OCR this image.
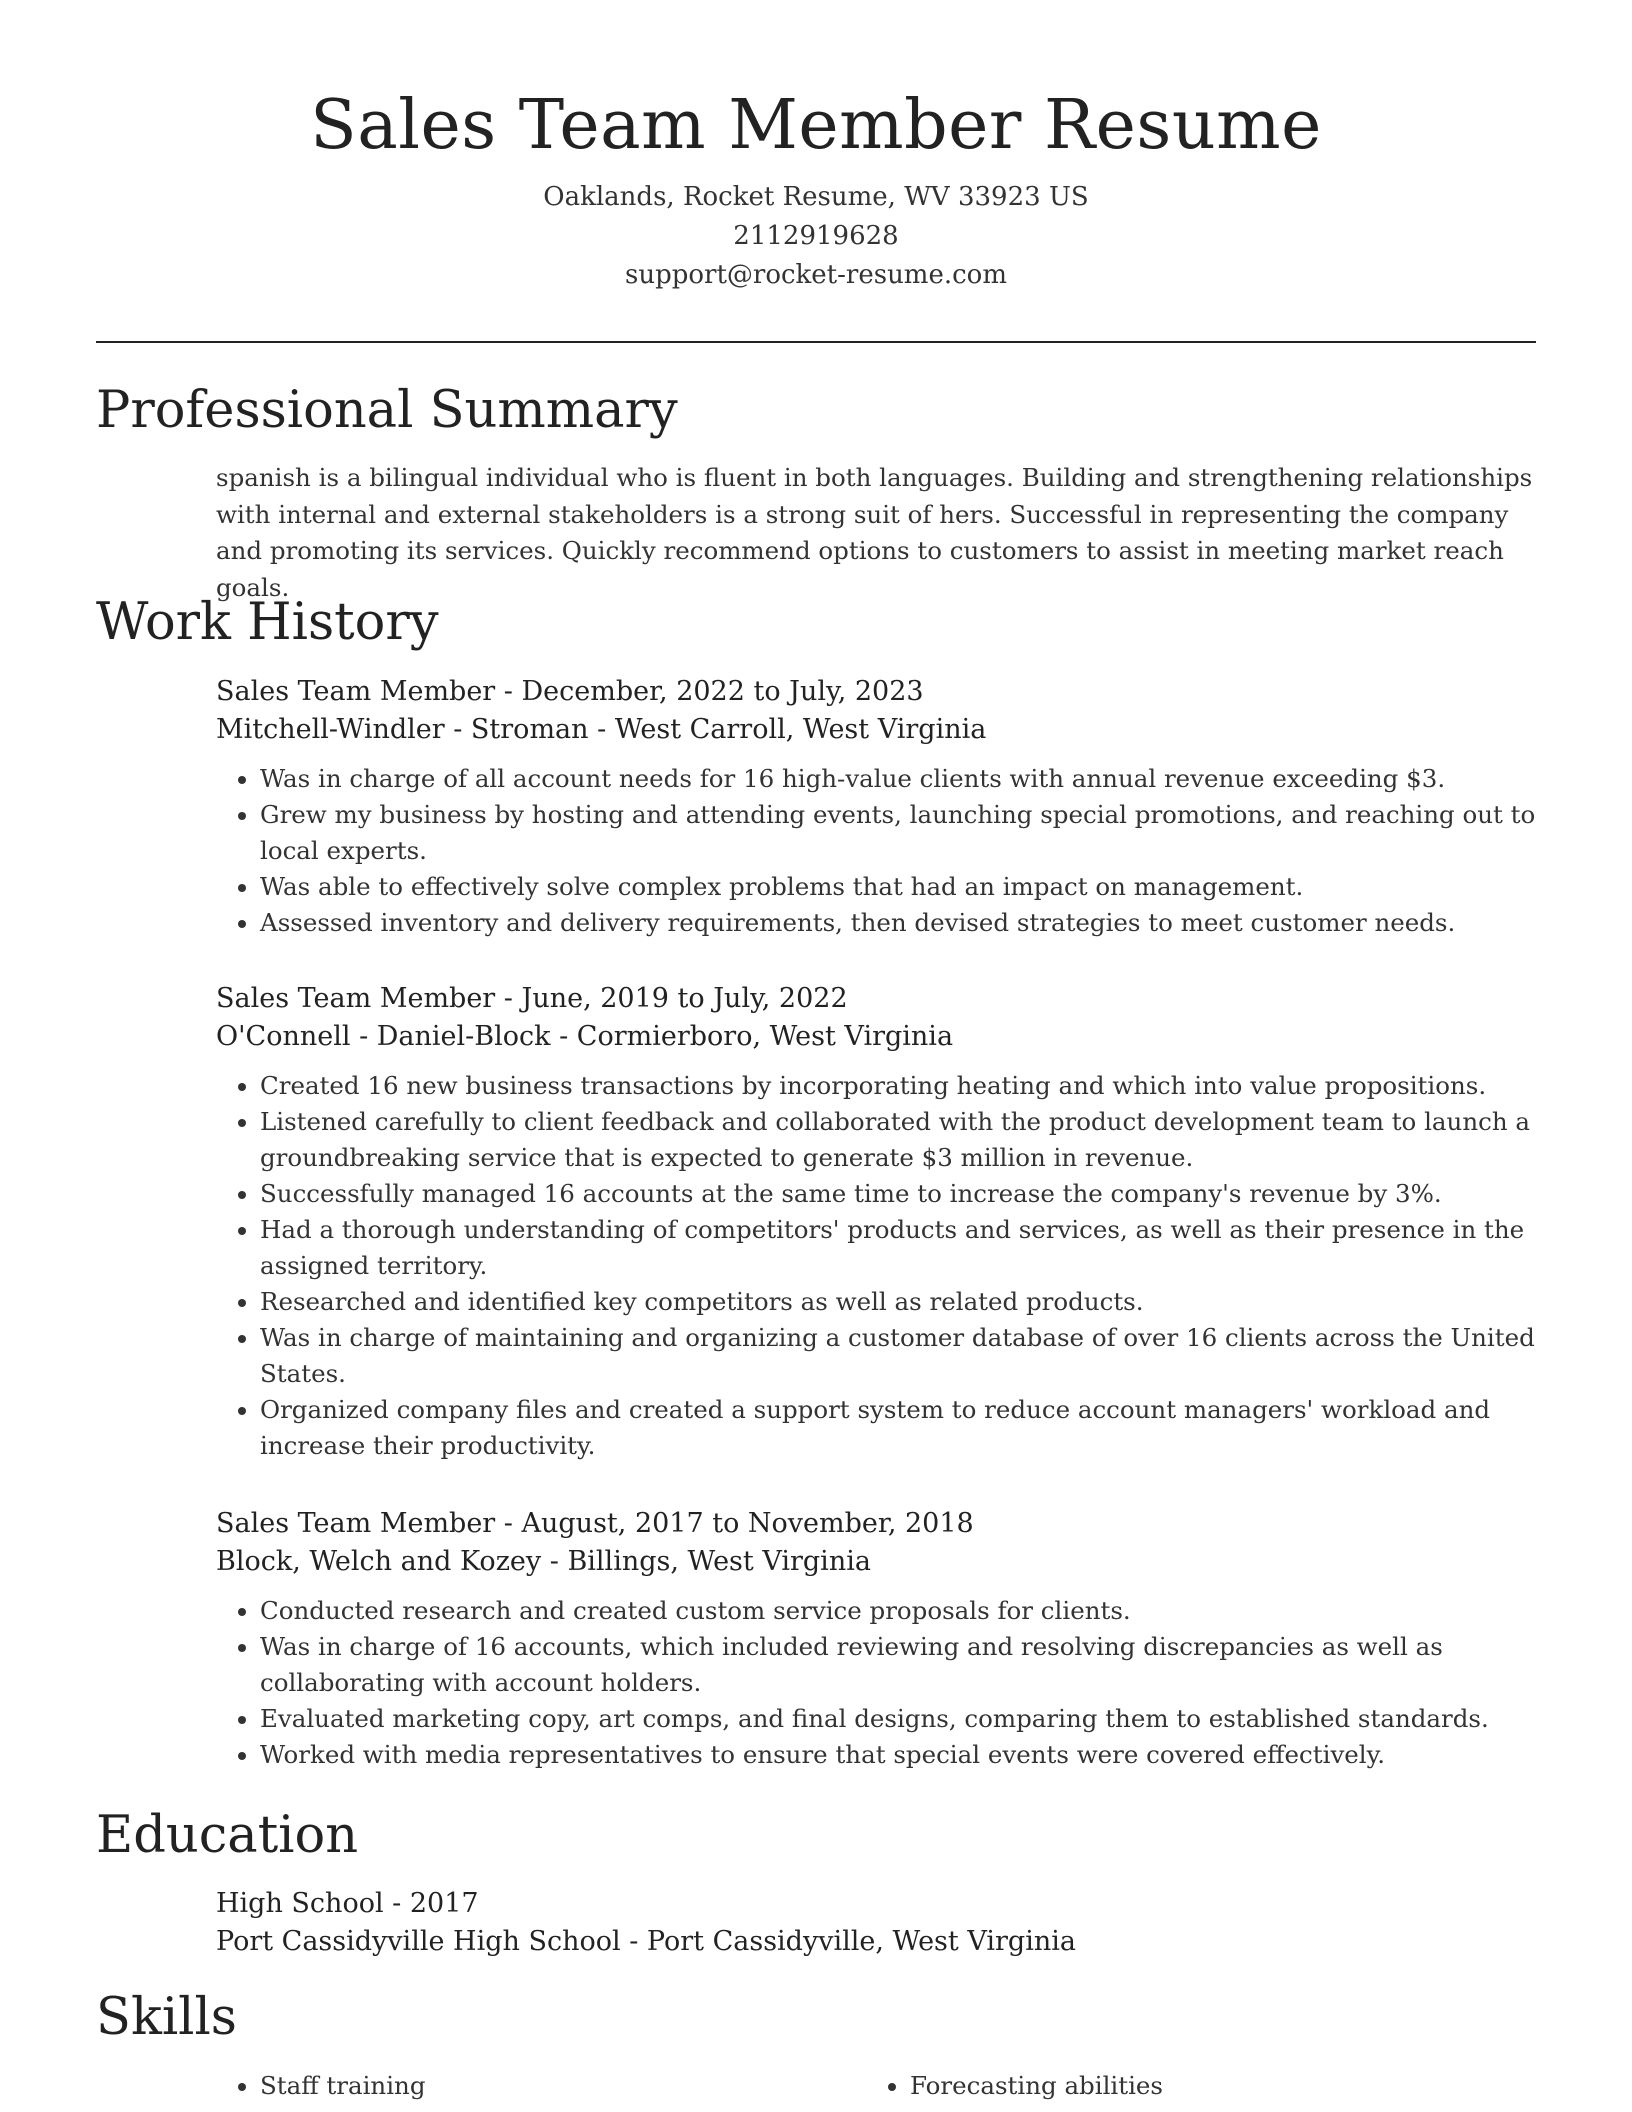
Sales Team Member Resume
Oaklands, Rocket Resume, WV 33923 US
2112919628
support@rocket-resume.com
Professional Summary
spanish is a bilingual individual who is fluent in both languages. Building and strengthening relationships with internal and external stakeholders is a strong suit of hers. Successful in representing the company and promoting its services. Quickly recommend options to customers to assist in meeting market reach goals.
Work History
Sales Team Member - December, 2022 to July, 2023
Mitchell-Windler - Stroman - West Carroll, West Virginia
• Was in charge of all account needs for 16 high-value clients with annual revenue exceeding $3.
• Grew my business by hosting and attending events, launching special promotions, and reaching out to local experts.
• Was able to effectively solve complex problems that had an impact on management.
• Assessed inventory and delivery requirements, then devised strategies to meet customer needs.
Sales Team Member - June, 2019 to July, 2022
O'Connell - Daniel-Block - Cormierboro, West Virginia
• Created 16 new business transactions by incorporating heating and which into value propositions.
• Listened carefully to client feedback and collaborated with the product development team to launch a groundbreaking service that is expected to generate $3 million in revenue.
• Successfully managed 16 accounts at the same time to increase the company's revenue by 3%.
• Had a thorough understanding of competitors' products and services, as well as their presence in the assigned territory.
• Researched and identified key competitors as well as related products.
• Was in charge of maintaining and organizing a customer database of over 16 clients across the United States.
• Organized company files and created a support system to reduce account managers' workload and increase their productivity.
Sales Team Member - August, 2017 to November, 2018
Block, Welch and Kozey - Billings, West Virginia
• Conducted research and created custom service proposals for clients.
• Was in charge of 16 accounts, which included reviewing and resolving discrepancies as well as collaborating with account holders.
• Evaluated marketing copy, art comps, and final designs, comparing them to established standards.
• Worked with media representatives to ensure that special events were covered effectively.
Education
High School - 2017
Port Cassidyville High School - Port Cassidyville, West Virginia
Skills
• Staff training
•	Forecasting abilities
